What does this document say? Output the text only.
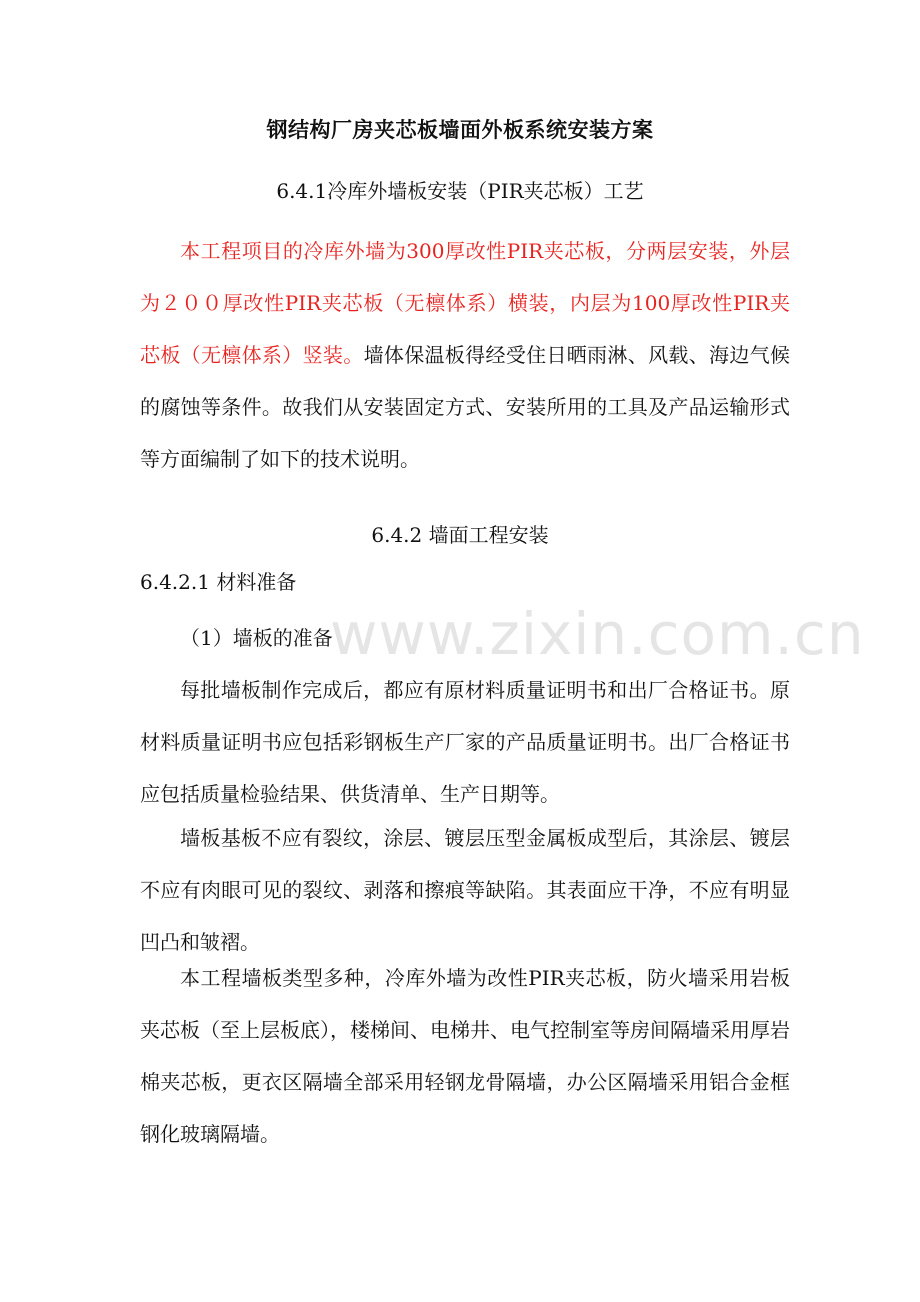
钢结构厂房夹芯板墙面外板系统安装方案
6.4.1冷库外墙板安装（PIR夹芯板）工艺

本工程项目的冷库外墙为300厚改性PIR夹芯板，分两层安装，外层为２００厚改性PIR夹芯板（无檩体系）横装，内层为100厚改性PIR夹芯板（无檩体系）竖装。墙体保温板得经受住日晒雨淋、风载、海边气候的腐蚀等条件。故我们从安装固定方式、安装所用的工具及产品运输形式等方面编制了如下的技术说明。

6.4.2 墙面工程安装
6.4.2.1 材料准备
（1）墙板的准备

每批墙板制作完成后，都应有原材料质量证明书和出厂合格证书。原材料质量证明书应包括彩钢板生产厂家的产品质量证明书。出厂合格证书应包括质量检验结果、供货清单、生产日期等。

墙板基板不应有裂纹，涂层、镀层压型金属板成型后，其涂层、镀层不应有肉眼可见的裂纹、剥落和擦痕等缺陷。其表面应干净，不应有明显凹凸和皱褶。

本工程墙板类型多种，冷库外墙为改性PIR夹芯板，防火墙采用岩板夹芯板（至上层板底），楼梯间、电梯井、电气控制室等房间隔墙采用厚岩棉夹芯板，更衣区隔墙全部采用轻钢龙骨隔墙，办公区隔墙采用铝合金框钢化玻璃隔墙。

www.zixin.com.cn
